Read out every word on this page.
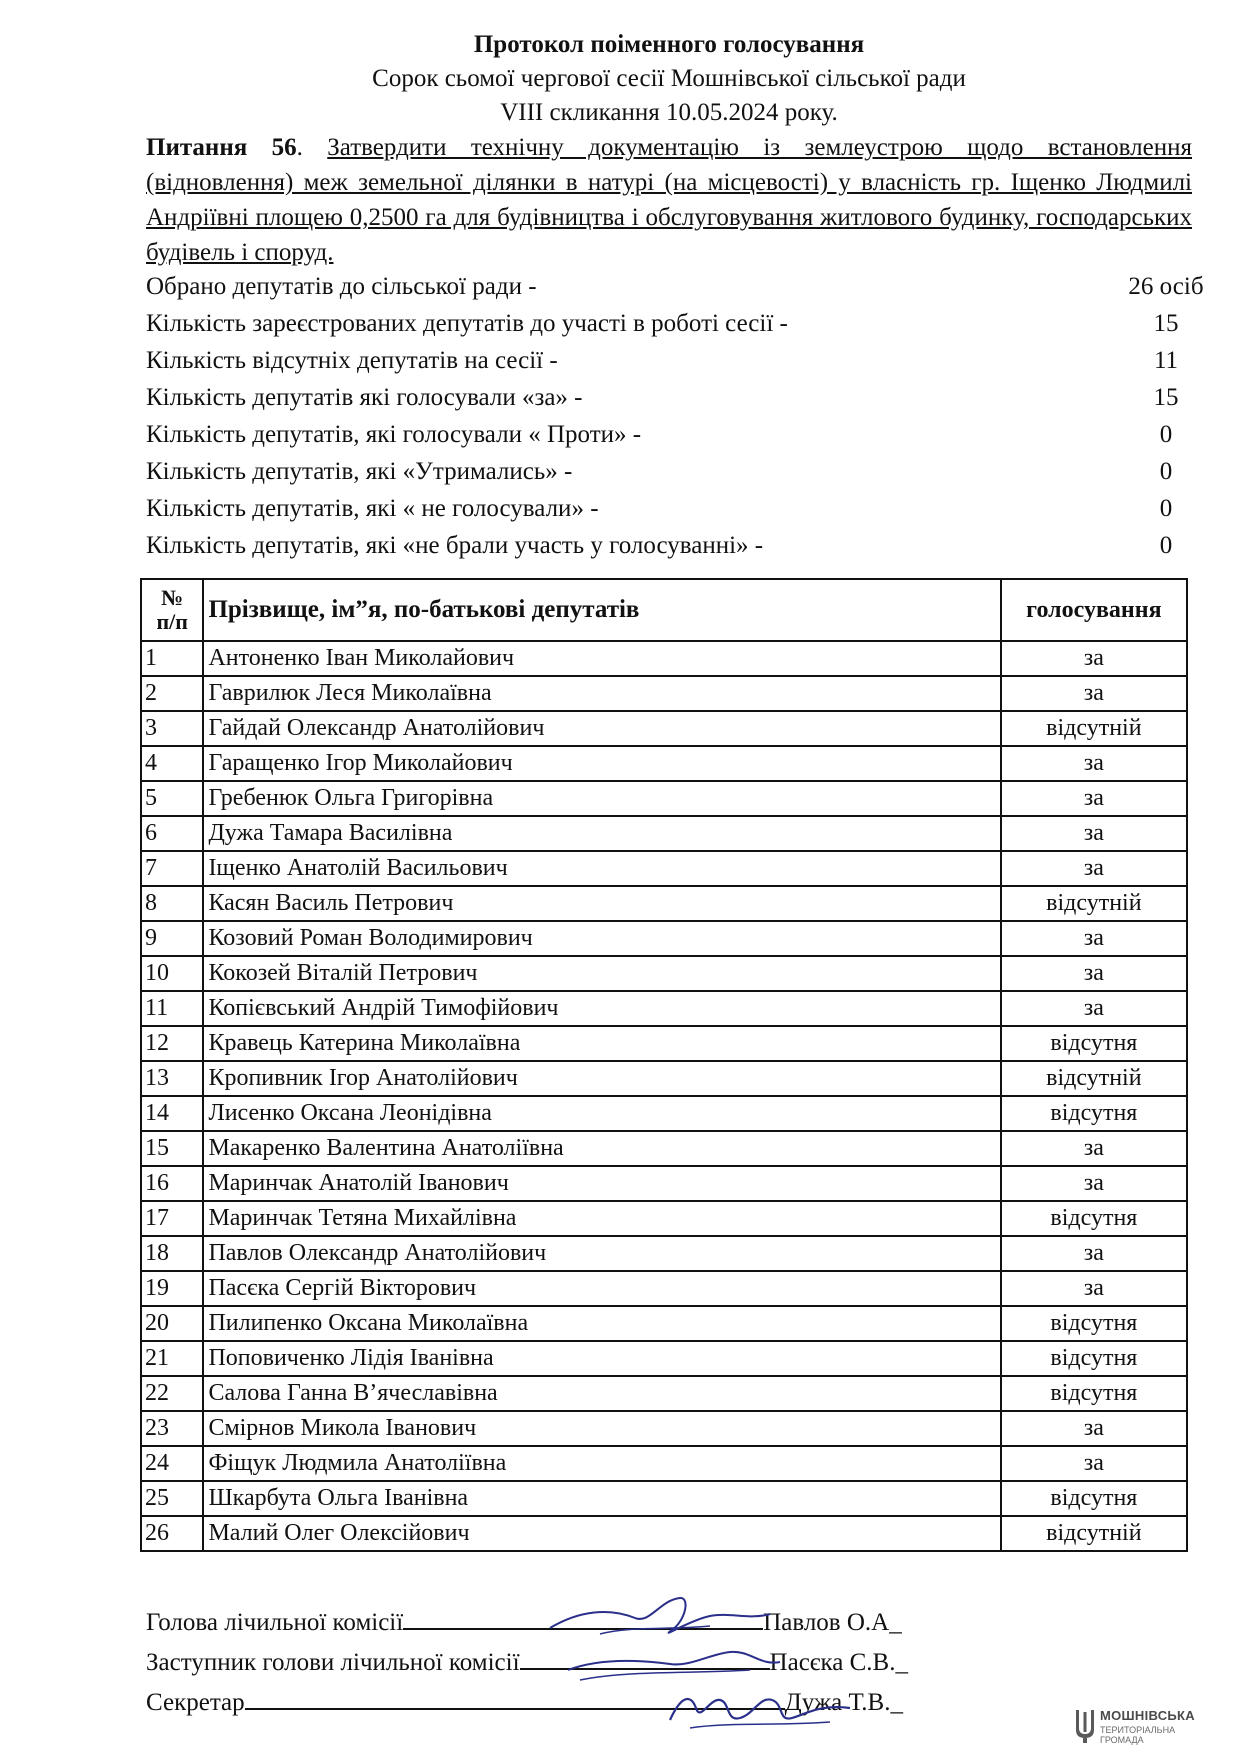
Протокол поіменного голосування
Сорок сьомої чергової сесії Мошнівської сільської ради
VIII скликання 10.05.2024 року.
Питання 56. Затвердити технічну документацію із землеустрою щодо встановлення (відновлення) меж земельної ділянки в натурі (на місцевості) у власність гр. Іщенко Людмилі Андріївні площею 0,2500 га для будівництва і обслуговування житлового будинку, господарських будівель і споруд.
Обрано депутатів до сільської ради -	26 осіб
Кількість зареєстрованих депутатів до участі в роботі сесії -	15
Кількість відсутніх депутатів на сесії -	11
Кількість депутатів які голосували «за» -	15
Кількість депутатів, які голосували « Проти» -	0
Кількість депутатів, які «Утримались» -	0
Кількість депутатів, які « не голосували» -	0
Кількість депутатів, які «не брали участь у голосуванні» -	0
№
п/п	Прізвище, ім”я, по-батькові депутатів	голосування
1	Антоненко Іван Миколайович	за
2	Гаврилюк Леся Миколаївна	за
3	Гайдай Олександр Анатолійович	відсутній
4	Гаращенко Ігор Миколайович	за
5	Гребенюк Ольга Григорівна	за
6	Дужа Тамара Василівна	за
7	Іщенко Анатолій Васильович	за
8	Касян Василь Петрович	відсутній
9	Козовий Роман Володимирович	за
10	Кокозей Віталій Петрович	за
11	Копієвський Андрій Тимофійович	за
12	Кравець Катерина Миколаївна	відсутня
13	Кропивник Ігор Анатолійович	відсутній
14	Лисенко Оксана Леонідівна	відсутня
15	Макаренко Валентина Анатоліївна	за
16	Маринчак Анатолій Іванович	за
17	Маринчак Тетяна Михайлівна	відсутня
18	Павлов Олександр Анатолійович	за
19	Пасєка Сергій Вікторович	за
20	Пилипенко Оксана Миколаївна	відсутня
21	Поповиченко Лідія Іванівна	відсутня
22	Салова Ганна В’ячеславівна	відсутня
23	Смірнов Микола Іванович	за
24	Фіщук Людмила Анатоліївна	за
25	Шкарбута Ольга Іванівна	відсутня
26	Малий Олег Олексійович	відсутній
Голова лічильної комісії	Павлов О.А_
Заступник голови лічильної комісії	Пасєка С.В._
Секретар	Дужа Т.В._	МОШНІВСЬКА
ТЕРИТОРІАЛЬНА
ГРОМАДА
